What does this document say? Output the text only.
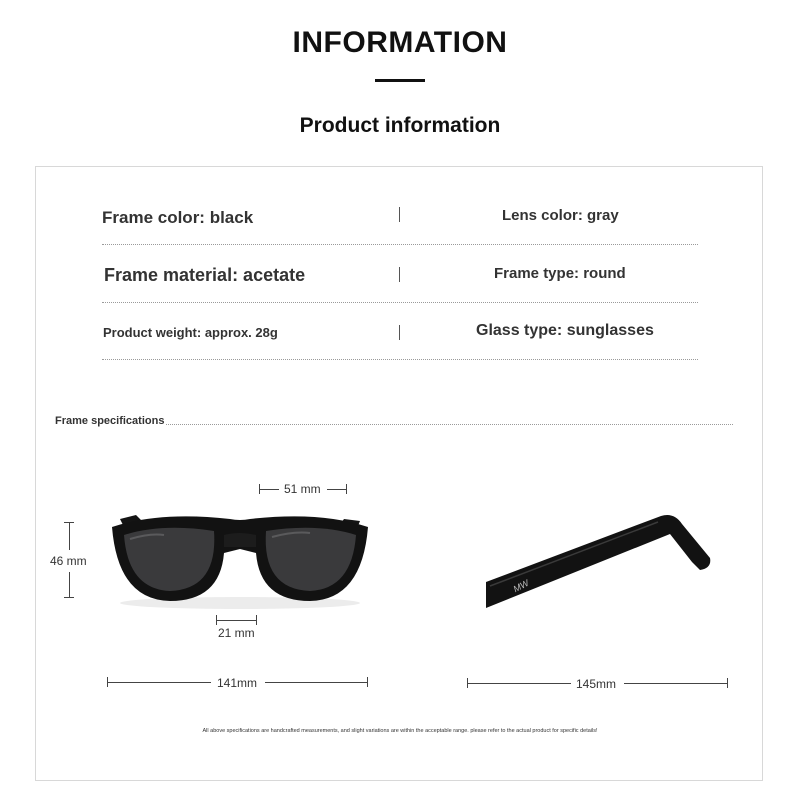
INFORMATION
Product information
Frame color: black	Lens color: gray
Frame material: acetate	Frame type: round
Product weight: approx. 28g	Glass type: sunglasses
Frame specifications
51 mm
46 mm
21 mm
141mm
MW
145mm
All above specifications are handcrafted measurements, and slight variations are within the acceptable range. please refer to the actual product for specific details!
